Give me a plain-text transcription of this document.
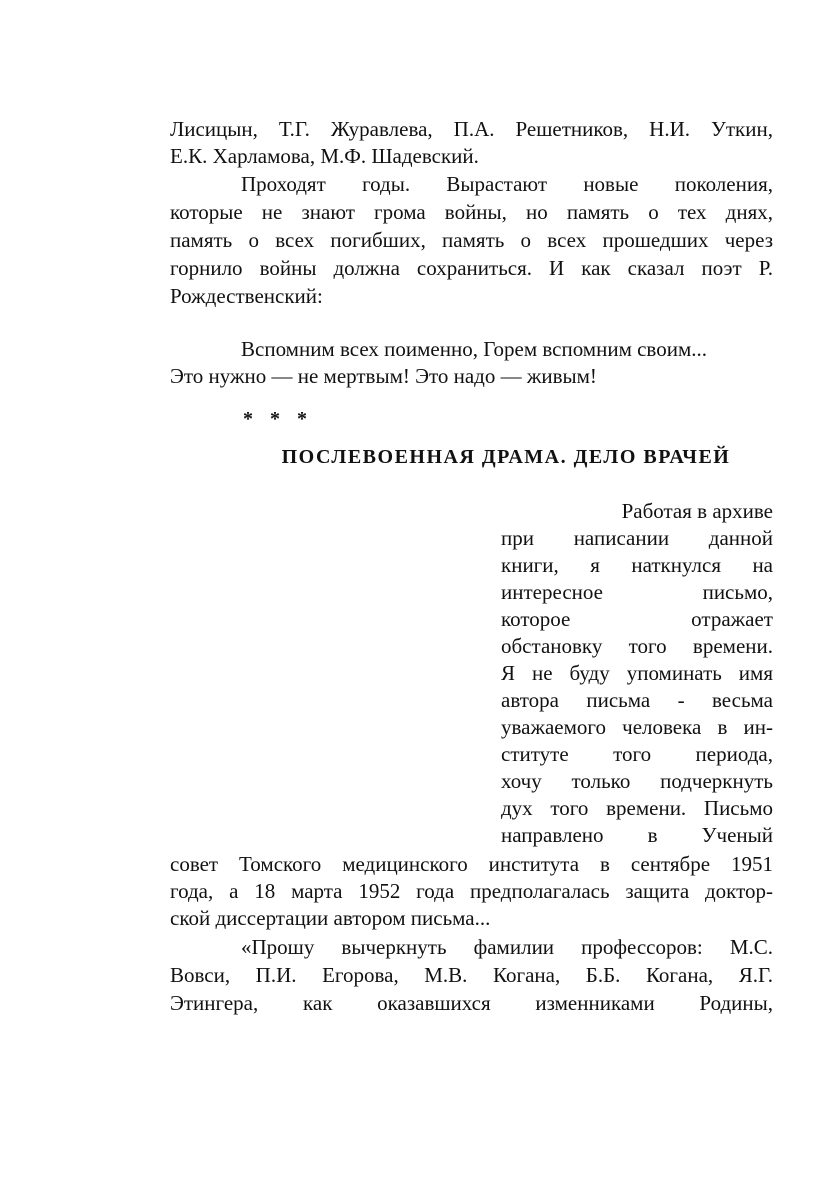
Лисицын, Т.Г. Журавлева, П.А. Решетников, Н.И. Уткин,
Е.К. Харламова, М.Ф. Шадевский.
Проходят годы. Вырастают новые поколения,
которые не знают грома войны, но память о тех днях,
память о всех погибших, память о всех прошедших через
горнило войны должна сохраниться. И как сказал поэт Р.
Рождественский:
Вспомним всех поименно, Горем вспомним своим...
Это нужно — не мертвым! Это надо — живым!
* * *
ПОСЛЕВОЕННАЯ ДРАМА. ДЕЛО ВРАЧЕЙ
Работая в архиве
при написании данной
книги, я наткнулся на
интересное письмо,
которое отражает
обстановку того времени.
Я не буду упоминать имя
автора письма - весьма
уважаемого человека в ин-
ституте того периода,
хочу только подчеркнуть
дух того времени. Письмо
направлено в Ученый
совет Томского медицинского института в сентябре 1951
года, а 18 марта 1952 года предполагалась защита доктор-
ской диссертации автором письма...
«Прошу вычеркнуть фамилии профессоров: М.С.
Вовси, П.И. Егорова, М.В. Когана, Б.Б. Когана, Я.Г.
Этингера, как оказавшихся изменниками Родины,
